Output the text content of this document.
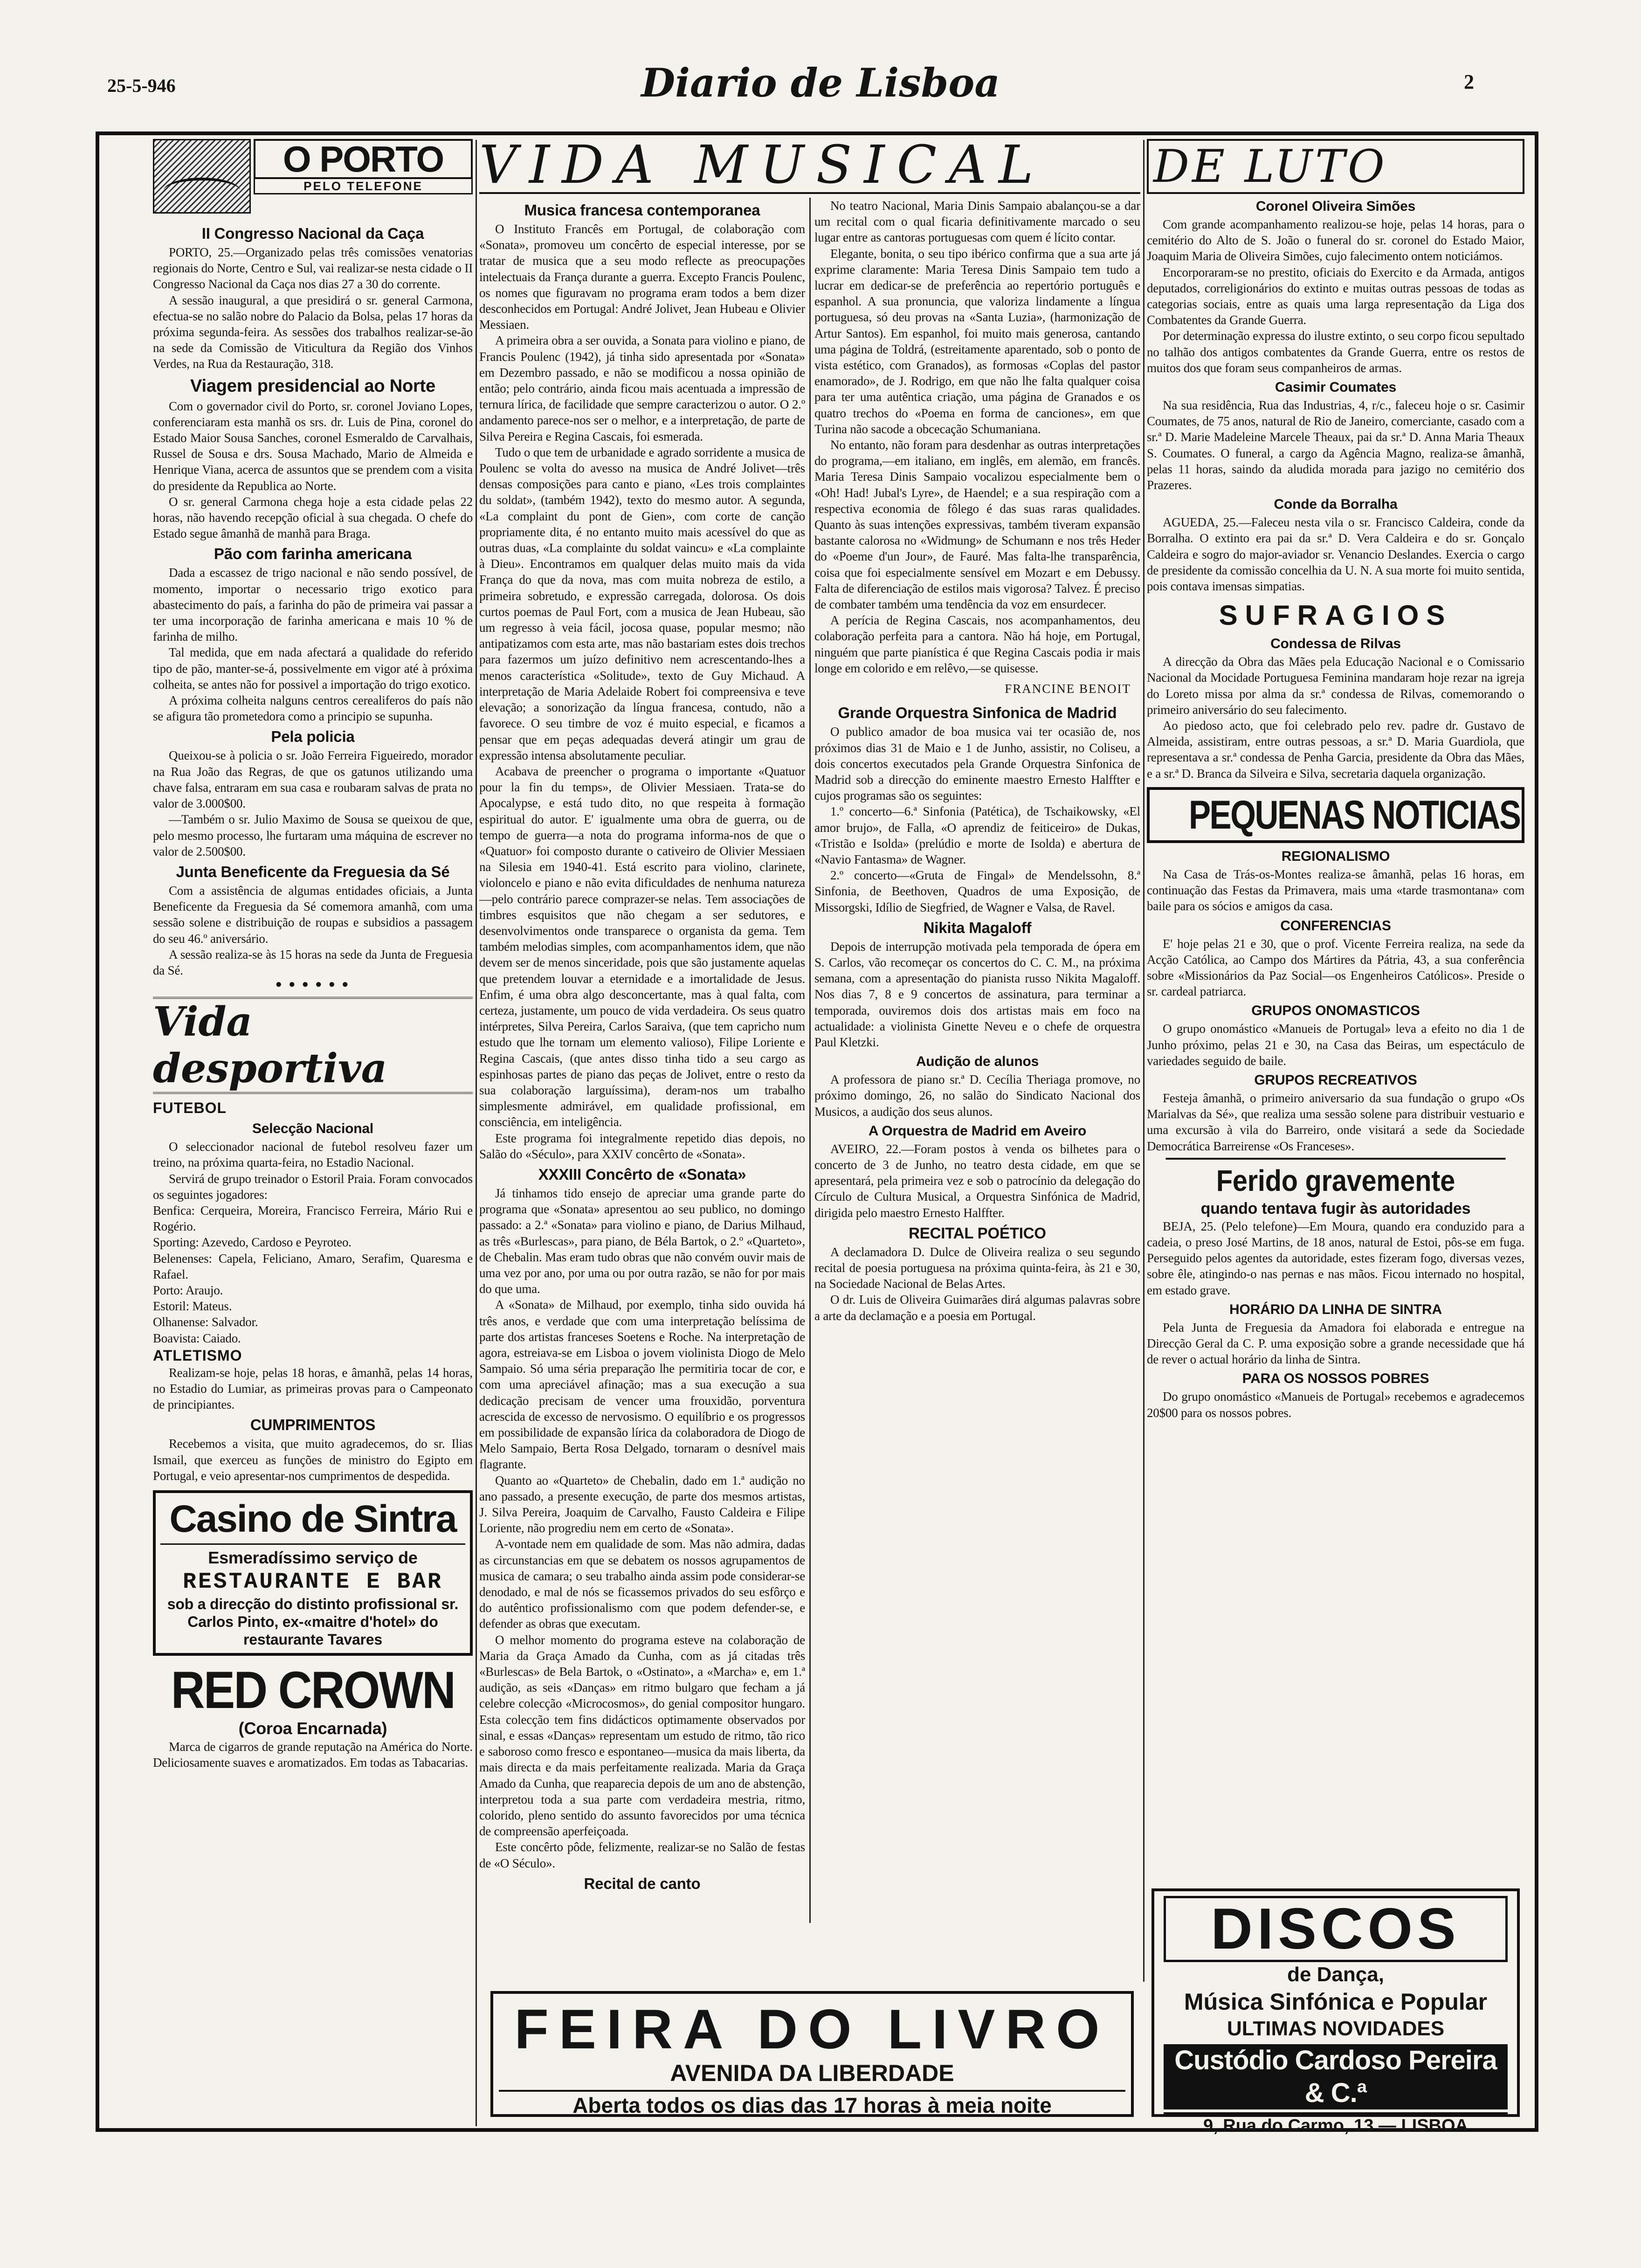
25-5-946	Diario de Lisboa	2
O PORTO
PELO TELEFONE
II Congresso Nacional da Caça

PORTO, 25.—Organizado pelas três comissões venatorias regionais do Norte, Centro e Sul, vai realizar-se nesta cidade o II Congresso Nacional da Caça nos dias 27 a 30 do corrente.

A sessão inaugural, a que presidirá o sr. general Carmona, efectua-se no salão nobre do Palacio da Bolsa, pelas 17 horas da próxima segunda-feira. As sessões dos trabalhos realizar-se-ão na sede da Comissão de Viticultura da Região dos Vinhos Verdes, na Rua da Restauração, 318.

Viagem presidencial ao Norte

Com o governador civil do Porto, sr. coronel Joviano Lopes, conferenciaram esta manhã os srs. dr. Luis de Pina, coronel do Estado Maior Sousa Sanches, coronel Esmeraldo de Carvalhais, Russel de Sousa e drs. Sousa Machado, Mario de Almeida e Henrique Viana, acerca de assuntos que se prendem com a visita do presidente da Republica ao Norte.

O sr. general Carmona chega hoje a esta cidade pelas 22 horas, não havendo recepção oficial à sua chegada. O chefe do Estado segue âmanhã de manhã para Braga.

Pão com farinha americana

Dada a escassez de trigo nacional e não sendo possível, de momento, importar o necessario trigo exotico para abastecimento do país, a farinha do pão de primeira vai passar a ter uma incorporação de farinha americana e mais 10 % de farinha de milho.

Tal medida, que em nada afectará a qualidade do referido tipo de pão, manter-se-á, possivelmente em vigor até à próxima colheita, se antes não for possivel a importação do trigo exotico.

A próxima colheita nalguns centros cerealiferos do país não se afigura tão prometedora como a principio se supunha.

Pela policia

Queixou-se à policia o sr. João Ferreira Figueiredo, morador na Rua João das Regras, de que os gatunos utilizando uma chave falsa, entraram em sua casa e roubaram salvas de prata no valor de 3.000$00.

—Também o sr. Julio Maximo de Sousa se queixou de que, pelo mesmo processo, lhe furtaram uma máquina de escrever no valor de 2.500$00.

Junta Beneficente da Freguesia da Sé

Com a assistência de algumas entidades oficiais, a Junta Beneficente da Freguesia da Sé comemora amanhã, com uma sessão solene e distribuição de roupas e subsidios a passagem do seu 46.º aniversário.

A sessão realiza-se às 15 horas na sede da Junta de Freguesia da Sé.

● ● ● ● ● ●
Vida desportiva
FUTEBOL
Selecção Nacional

O seleccionador nacional de futebol resolveu fazer um treino, na próxima quarta-feira, no Estadio Nacional.

Servirá de grupo treinador o Estoril Praia. Foram convocados os seguintes jogadores:

Benfica: Cerqueira, Moreira, Francisco Ferreira, Mário Rui e Rogério.

Sporting: Azevedo, Cardoso e Peyroteo.

Belenenses: Capela, Feliciano, Amaro, Serafim, Quaresma e Rafael.

Porto: Araujo.

Estoril: Mateus.

Olhanense: Salvador.

Boavista: Caiado.

ATLETISMO

Realizam-se hoje, pelas 18 horas, e âmanhã, pelas 14 horas, no Estadio do Lumiar, as primeiras provas para o Campeonato de principiantes.

CUMPRIMENTOS

Recebemos a visita, que muito agradecemos, do sr. Ilias Ismail, que exerceu as funções de ministro do Egipto em Portugal, e veio apresentar-nos cumprimentos de despedida.

Casino de Sintra
Esmeradíssimo serviço de
RESTAURANTE E BAR
sob a direcção do distinto profissional sr. Carlos Pinto, ex-«maitre d'hotel» do restaurante Tavares
RED CROWN
(Coroa Encarnada)

Marca de cigarros de grande reputação na América do Norte. Deliciosamente suaves e aromatizados. Em todas as Tabacarias.

VIDA MUSICAL
Musica francesa contemporanea

O Instituto Francês em Portugal, de colaboração com «Sonata», promoveu um concêrto de especial interesse, por se tratar de musica que a seu modo reflecte as preocupações intelectuais da França durante a guerra. Excepto Francis Poulenc, os nomes que figuravam no programa eram todos a bem dizer desconhecidos em Portugal: André Jolivet, Jean Hubeau e Olivier Messiaen.

A primeira obra a ser ouvida, a Sonata para violino e piano, de Francis Poulenc (1942), já tinha sido apresentada por «Sonata» em Dezembro passado, e não se modificou a nossa opinião de então; pelo contrário, ainda ficou mais acentuada a impressão de ternura lírica, de facilidade que sempre caracterizou o autor. O 2.º andamento parece-nos ser o melhor, e a interpretação, de parte de Silva Pereira e Regina Cascais, foi esmerada.

Tudo o que tem de urbanidade e agrado sorridente a musica de Poulenc se volta do avesso na musica de André Jolivet—três densas composições para canto e piano, «Les trois complaintes du soldat», (também 1942), texto do mesmo autor. A segunda, «La complaint du pont de Gien», com corte de canção propriamente dita, é no entanto muito mais acessível do que as outras duas, «La complainte du soldat vaincu» e «La complainte à Dieu». Encontramos em qualquer delas muito mais da vida França do que da nova, mas com muita nobreza de estilo, a primeira sobretudo, e expressão carregada, dolorosa. Os dois curtos poemas de Paul Fort, com a musica de Jean Hubeau, são um regresso à veia fácil, jocosa quase, popular mesmo; não antipatizamos com esta arte, mas não bastariam estes dois trechos para fazermos um juízo definitivo nem acrescentando-lhes a menos característica «Solitude», texto de Guy Michaud. A interpretação de Maria Adelaide Robert foi compreensiva e teve elevação; a sonorização da língua francesa, contudo, não a favorece. O seu timbre de voz é muito especial, e ficamos a pensar que em peças adequadas deverá atingir um grau de expressão intensa absolutamente peculiar.

Acabava de preencher o programa o importante «Quatuor pour la fin du temps», de Olivier Messiaen. Trata-se do Apocalypse, e está tudo dito, no que respeita à formação espiritual do autor. E' igualmente uma obra de guerra, ou de tempo de guerra—a nota do programa informa-nos de que o «Quatuor» foi composto durante o cativeiro de Olivier Messiaen na Silesia em 1940-41. Está escrito para violino, clarinete, violoncelo e piano e não evita dificuldades de nenhuma natureza—pelo contrário parece comprazer-se nelas. Tem associações de timbres esquisitos que não chegam a ser sedutores, e desenvolvimentos onde transparece o organista da gema. Tem também melodias simples, com acompanhamentos idem, que não devem ser de menos sinceridade, pois que são justamente aquelas que pretendem louvar a eternidade e a imortalidade de Jesus. Enfim, é uma obra algo desconcertante, mas à qual falta, com certeza, justamente, um pouco de vida verdadeira. Os seus quatro intérpretes, Silva Pereira, Carlos Saraiva, (que tem capricho num estudo que lhe tornam um elemento valioso), Filipe Loriente e Regina Cascais, (que antes disso tinha tido a seu cargo as espinhosas partes de piano das peças de Jolivet, entre o resto da sua colaboração larguíssima), deram-nos um trabalho simplesmente admirável, em qualidade profissional, em consciência, em inteligência.

Este programa foi integralmente repetido dias depois, no Salão do «Século», para XXIV concêrto de «Sonata».

XXXIII Concêrto de «Sonata»

Já tinhamos tido ensejo de apreciar uma grande parte do programa que «Sonata» apresentou ao seu publico, no domingo passado: a 2.ª «Sonata» para violino e piano, de Darius Milhaud, as três «Burlescas», para piano, de Béla Bartok, o 2.º «Quarteto», de Chebalin. Mas eram tudo obras que não convém ouvir mais de uma vez por ano, por uma ou por outra razão, se não for por mais do que uma.

A «Sonata» de Milhaud, por exemplo, tinha sido ouvida há três anos, e verdade que com uma interpretação belíssima de parte dos artistas franceses Soetens e Roche. Na interpretação de agora, estreiava-se em Lisboa o jovem violinista Diogo de Melo Sampaio. Só uma séria preparação lhe permitiria tocar de cor, e com uma apreciável afinação; mas a sua execução a sua dedicação precisam de vencer uma frouxidão, porventura acrescida de excesso de nervosismo. O equilíbrio e os progressos em possibilidade de expansão lírica da colaboradora de Diogo de Melo Sampaio, Berta Rosa Delgado, tornaram o desnível mais flagrante.

Quanto ao «Quarteto» de Chebalin, dado em 1.ª audição no ano passado, a presente execução, de parte dos mesmos artistas, J. Silva Pereira, Joaquim de Carvalho, Fausto Caldeira e Filipe Loriente, não progrediu nem em certo de «Sonata».

A-vontade nem em qualidade de som. Mas não admira, dadas as circunstancias em que se debatem os nossos agrupamentos de musica de camara; o seu trabalho ainda assim pode considerar-se denodado, e mal de nós se ficassemos privados do seu esfôrço e do autêntico profissionalismo com que podem defender-se, e defender as obras que executam.

O melhor momento do programa esteve na colaboração de Maria da Graça Amado da Cunha, com as já citadas três «Burlescas» de Bela Bartok, o «Ostinato», a «Marcha» e, em 1.ª audição, as seis «Danças» em ritmo bulgaro que fecham a já celebre colecção «Microcosmos», do genial compositor hungaro. Esta colecção tem fins didácticos optimamente observados por sinal, e essas «Danças» representam um estudo de ritmo, tão rico e saboroso como fresco e espontaneo—musica da mais liberta, da mais directa e da mais perfeitamente realizada. Maria da Graça Amado da Cunha, que reaparecia depois de um ano de abstenção, interpretou toda a sua parte com verdadeira mestria, ritmo, colorido, pleno sentido do assunto favorecidos por uma técnica de compreensão aperfeiçoada.

Este concêrto pôde, felizmente, realizar-se no Salão de festas de «O Século».

Recital de canto

No teatro Nacional, Maria Dinis Sampaio abalançou-se a dar um recital com o qual ficaria definitivamente marcado o seu lugar entre as cantoras portuguesas com quem é lícito contar.

Elegante, bonita, o seu tipo ibérico confirma que a sua arte já exprime claramente: Maria Teresa Dinis Sampaio tem tudo a lucrar em dedicar-se de preferência ao repertório português e espanhol. A sua pronuncia, que valoriza lindamente a língua portuguesa, só deu provas na «Santa Luzia», (harmonização de Artur Santos). Em espanhol, foi muito mais generosa, cantando uma página de Toldrá, (estreitamente aparentado, sob o ponto de vista estético, com Granados), as formosas «Coplas del pastor enamorado», de J. Rodrigo, em que não lhe falta qualquer coisa para ter uma autêntica criação, uma página de Granados e os quatro trechos do «Poema en forma de canciones», em que Turina não sacode a obcecação Schumaniana.

No entanto, não foram para desdenhar as outras interpretações do programa,—em italiano, em inglês, em alemão, em francês. Maria Teresa Dinis Sampaio vocalizou especialmente bem o «Oh! Had! Jubal's Lyre», de Haendel; e a sua respiração com a respectiva economia de fôlego é das suas raras qualidades. Quanto às suas intenções expressivas, também tiveram expansão bastante calorosa no «Widmung» de Schumann e nos três Heder do «Poeme d'un Jour», de Fauré. Mas falta-lhe transparência, coisa que foi especialmente sensível em Mozart e em Debussy. Falta de diferenciação de estilos mais vigorosa? Talvez. É preciso de combater também uma tendência da voz em ensurdecer.

A perícia de Regina Cascais, nos acompanhamentos, deu colaboração perfeita para a cantora. Não há hoje, em Portugal, ninguém que parte pianística é que Regina Cascais podia ir mais longe em colorido e em relêvo,—se quisesse.

FRANCINE BENOIT
Grande Orquestra Sinfonica de Madrid

O publico amador de boa musica vai ter ocasião de, nos próximos dias 31 de Maio e 1 de Junho, assistir, no Coliseu, a dois concertos executados pela Grande Orquestra Sinfonica de Madrid sob a direcção do eminente maestro Ernesto Halffter e cujos programas são os seguintes:

1.º concerto—6.ª Sinfonia (Patética), de Tschaikowsky, «El amor brujo», de Falla, «O aprendiz de feiticeiro» de Dukas, «Tristão e Isolda» (prelúdio e morte de Isolda) e abertura de «Navio Fantasma» de Wagner.

2.º concerto—«Gruta de Fingal» de Mendelssohn, 8.ª Sinfonia, de Beethoven, Quadros de uma Exposição, de Missorgski, Idílio de Siegfried, de Wagner e Valsa, de Ravel.

Nikita Magaloff

Depois de interrupção motivada pela temporada de ópera em S. Carlos, vão recomeçar os concertos do C. C. M., na próxima semana, com a apresentação do pianista russo Nikita Magaloff. Nos dias 7, 8 e 9 concertos de assinatura, para terminar a temporada, ouviremos dois dos artistas mais em foco na actualidade: a violinista Ginette Neveu e o chefe de orquestra Paul Kletzki.

Audição de alunos

A professora de piano sr.ª D. Cecília Theriaga promove, no próximo domingo, 26, no salão do Sindicato Nacional dos Musicos, a audição dos seus alunos.

A Orquestra de Madrid em Aveiro

AVEIRO, 22.—Foram postos à venda os bilhetes para o concerto de 3 de Junho, no teatro desta cidade, em que se apresentará, pela primeira vez e sob o patrocínio da delegação do Círculo de Cultura Musical, a Orquestra Sinfónica de Madrid, dirigida pelo maestro Ernesto Halffter.

RECITAL POÉTICO

A declamadora D. Dulce de Oliveira realiza o seu segundo recital de poesia portuguesa na próxima quinta-feira, às 21 e 30, na Sociedade Nacional de Belas Artes.

O dr. Luis de Oliveira Guimarães dirá algumas palavras sobre a arte da declamação e a poesia em Portugal.

DE LUTO
Coronel Oliveira Simões

Com grande acompanhamento realizou-se hoje, pelas 14 horas, para o cemitério do Alto de S. João o funeral do sr. coronel do Estado Maior, Joaquim Maria de Oliveira Simões, cujo falecimento ontem noticiámos.

Encorporaram-se no prestito, oficiais do Exercito e da Armada, antigos deputados, correligionários do extinto e muitas outras pessoas de todas as categorias sociais, entre as quais uma larga representação da Liga dos Combatentes da Grande Guerra.

Por determinação expressa do ilustre extinto, o seu corpo ficou sepultado no talhão dos antigos combatentes da Grande Guerra, entre os restos de muitos dos que foram seus companheiros de armas.

Casimir Coumates

Na sua residência, Rua das Industrias, 4, r/c., faleceu hoje o sr. Casimir Coumates, de 75 anos, natural de Rio de Janeiro, comerciante, casado com a sr.ª D. Marie Madeleine Marcele Theaux, pai da sr.ª D. Anna Maria Theaux S. Coumates. O funeral, a cargo da Agência Magno, realiza-se âmanhã, pelas 11 horas, saindo da aludida morada para jazigo no cemitério dos Prazeres.

Conde da Borralha

AGUEDA, 25.—Faleceu nesta vila o sr. Francisco Caldeira, conde da Borralha. O extinto era pai da sr.ª D. Vera Caldeira e do sr. Gonçalo Caldeira e sogro do major-aviador sr. Venancio Deslandes. Exercia o cargo de presidente da comissão concelhia da U. N. A sua morte foi muito sentida, pois contava imensas simpatias.

SUFRAGIOS
Condessa de Rilvas

A direcção da Obra das Mães pela Educação Nacional e o Comissario Nacional da Mocidade Portuguesa Feminina mandaram hoje rezar na igreja do Loreto missa por alma da sr.ª condessa de Rilvas, comemorando o primeiro aniversário do seu falecimento.

Ao piedoso acto, que foi celebrado pelo rev. padre dr. Gustavo de Almeida, assistiram, entre outras pessoas, a sr.ª D. Maria Guardiola, que representava a sr.ª condessa de Penha Garcia, presidente da Obra das Mães, e a sr.ª D. Branca da Silveira e Silva, secretaria daquela organização.

PEQUENAS NOTICIAS
REGIONALISMO

Na Casa de Trás-os-Montes realiza-se âmanhã, pelas 16 horas, em continuação das Festas da Primavera, mais uma «tarde trasmontana» com baile para os sócios e amigos da casa.

CONFERENCIAS

E' hoje pelas 21 e 30, que o prof. Vicente Ferreira realiza, na sede da Acção Católica, ao Campo dos Mártires da Pátria, 43, a sua conferência sobre «Missionários da Paz Social—os Engenheiros Católicos». Preside o sr. cardeal patriarca.

GRUPOS ONOMASTICOS

O grupo onomástico «Manueis de Portugal» leva a efeito no dia 1 de Junho próximo, pelas 21 e 30, na Casa das Beiras, um espectáculo de variedades seguido de baile.

GRUPOS RECREATIVOS

Festeja âmanhã, o primeiro aniversario da sua fundação o grupo «Os Marialvas da Sé», que realiza uma sessão solene para distribuir vestuario e uma excursão à vila do Barreiro, onde visitará a sede da Sociedade Democrática Barreirense «Os Franceses».

Ferido gravemente
quando tentava fugir às autoridades

BEJA, 25. (Pelo telefone)—Em Moura, quando era conduzido para a cadeia, o preso José Martins, de 18 anos, natural de Estoi, pôs-se em fuga. Perseguido pelos agentes da autoridade, estes fizeram fogo, diversas vezes, sobre êle, atingindo-o nas pernas e nas mãos. Ficou internado no hospital, em estado grave.

HORÁRIO DA LINHA DE SINTRA

Pela Junta de Freguesia da Amadora foi elaborada e entregue na Direcção Geral da C. P. uma exposição sobre a grande necessidade que há de rever o actual horário da linha de Sintra.

PARA OS NOSSOS POBRES

Do grupo onomástico «Manueis de Portugal» recebemos e agradecemos 20$00 para os nossos pobres.

FEIRA DO LIVRO
AVENIDA DA LIBERDADE
Aberta todos os dias das 17 horas à meia noite
DISCOS
de Dança,
Música Sinfónica e Popular
ULTIMAS NOVIDADES
Custódio Cardoso Pereira & C.ª
9, Rua do Carmo, 13 — LISBOA
